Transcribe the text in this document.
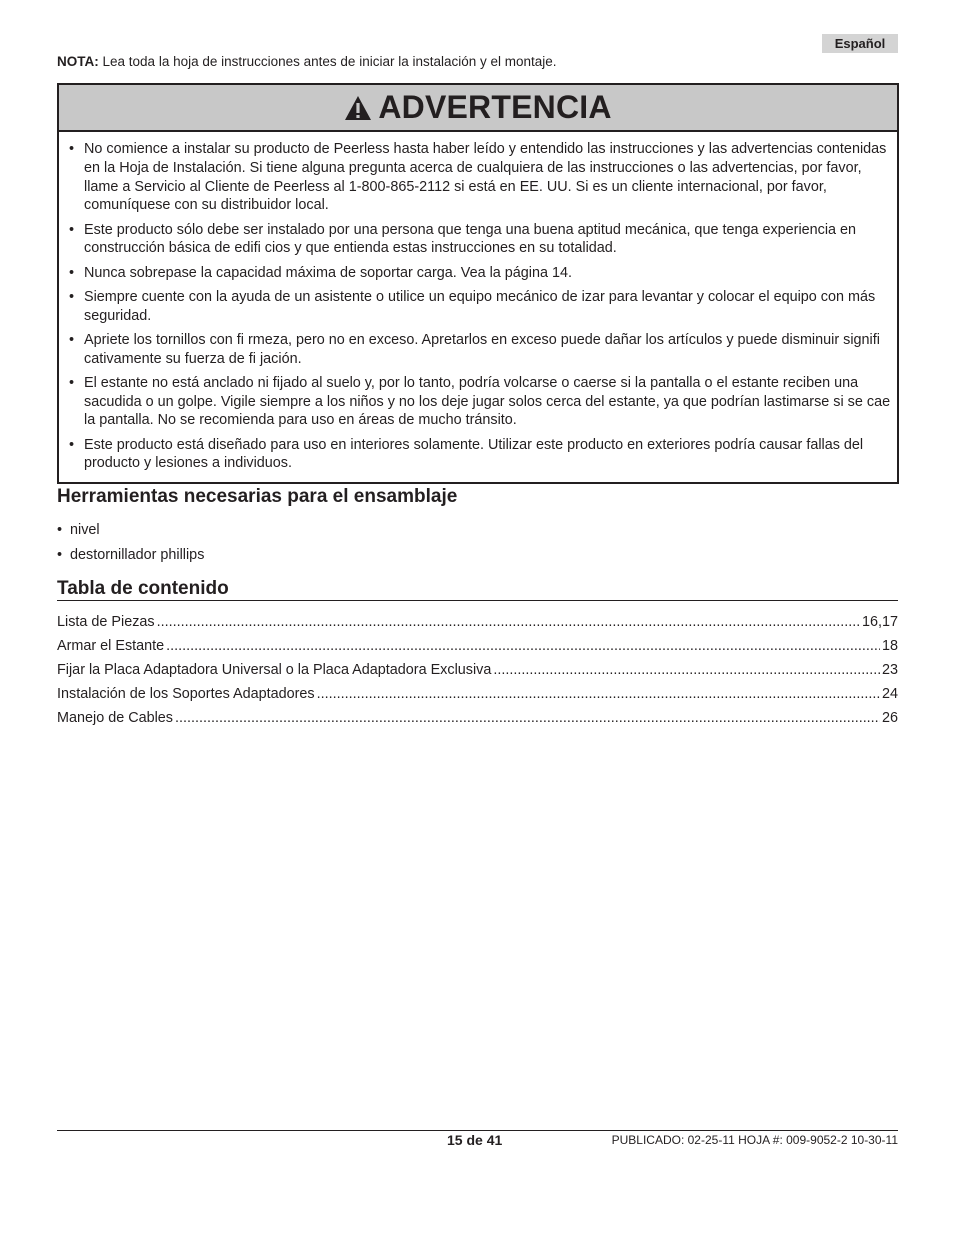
Español
NOTA: Lea toda la hoja de instrucciones antes de iniciar la instalación y el montaje.
ADVERTENCIA
• No comience a instalar su producto de Peerless hasta haber leído y entendido las instrucciones y las advertencias contenidas en la Hoja de Instalación. Si tiene alguna pregunta acerca de cualquiera de las instrucciones o las advertencias, por favor, llame a Servicio al Cliente de Peerless al 1-800-865-2112 si está en EE. UU. Si es un cliente internacional, por favor, comuníquese con su distribuidor local.
• Este producto sólo debe ser instalado por una persona que tenga una buena aptitud mecánica, que tenga experiencia en construcción básica de edifi cios y que entienda estas instrucciones en su totalidad.
• Nunca sobrepase la capacidad máxima de soportar carga. Vea la página 14.
• Siempre cuente con la ayuda de un asistente o utilice un equipo mecánico de izar para levantar y colocar el equipo con más seguridad.
• Apriete los tornillos con fi rmeza, pero no en exceso. Apretarlos en exceso puede dañar los artículos y puede disminuir signifi cativamente su fuerza de fi jación.
• El estante no está anclado ni fijado al suelo y, por lo tanto, podría volcarse o caerse si la pantalla o el estante reciben una sacudida o un golpe. Vigile siempre a los niños y no los deje jugar solos cerca del estante, ya que podrían lastimarse si se cae la pantalla. No se recomienda para uso en áreas de mucho tránsito.
• Este producto está diseñado para uso en interiores solamente. Utilizar este producto en exteriores podría causar fallas del producto y lesiones a individuos.
Herramientas necesarias para el ensamblaje
• nivel
• destornillador phillips
Tabla de contenido
Lista de Piezas .....	16,17
Armar el Estante .....	18
Fijar la Placa Adaptadora Universal o la Placa Adaptadora Exclusiva .....	23
Instalación de los Soportes Adaptadores .....	24
Manejo de Cables .....	26
15 de 41	PUBLICADO: 02-25-11 HOJA #: 009-9052-2 10-30-11
